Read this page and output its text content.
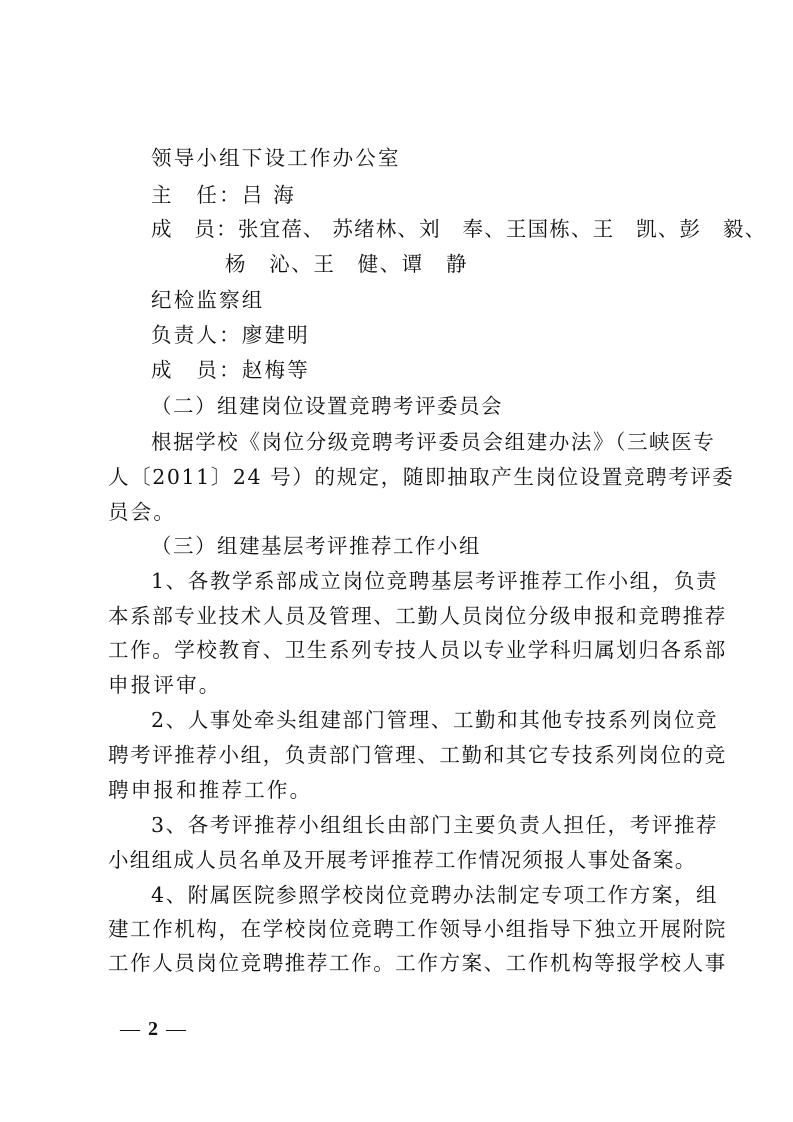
领导小组下设工作办公室
主　任：吕 海
成　员：张宜蓓、 苏绪林、刘　奉、王国栋、王　凯、彭　毅、
杨　沁、王　健、谭　静
纪检监察组
负责人：廖建明
成　员：赵梅等
（二）组建岗位设置竞聘考评委员会
根据学校《岗位分级竞聘考评委员会组建办法》（三峡医专
人〔2011〕24 号）的规定，随即抽取产生岗位设置竞聘考评委
员会。
（三）组建基层考评推荐工作小组
1、各教学系部成立岗位竞聘基层考评推荐工作小组，负责
本系部专业技术人员及管理、工勤人员岗位分级申报和竞聘推荐
工作。学校教育、卫生系列专技人员以专业学科归属划归各系部
申报评审。
2、人事处牵头组建部门管理、工勤和其他专技系列岗位竞
聘考评推荐小组，负责部门管理、工勤和其它专技系列岗位的竞
聘申报和推荐工作。
3、各考评推荐小组组长由部门主要负责人担任，考评推荐
小组组成人员名单及开展考评推荐工作情况须报人事处备案。
4、附属医院参照学校岗位竞聘办法制定专项工作方案，组
建工作机构，在学校岗位竞聘工作领导小组指导下独立开展附院
工作人员岗位竞聘推荐工作。工作方案、工作机构等报学校人事
— 2 —
